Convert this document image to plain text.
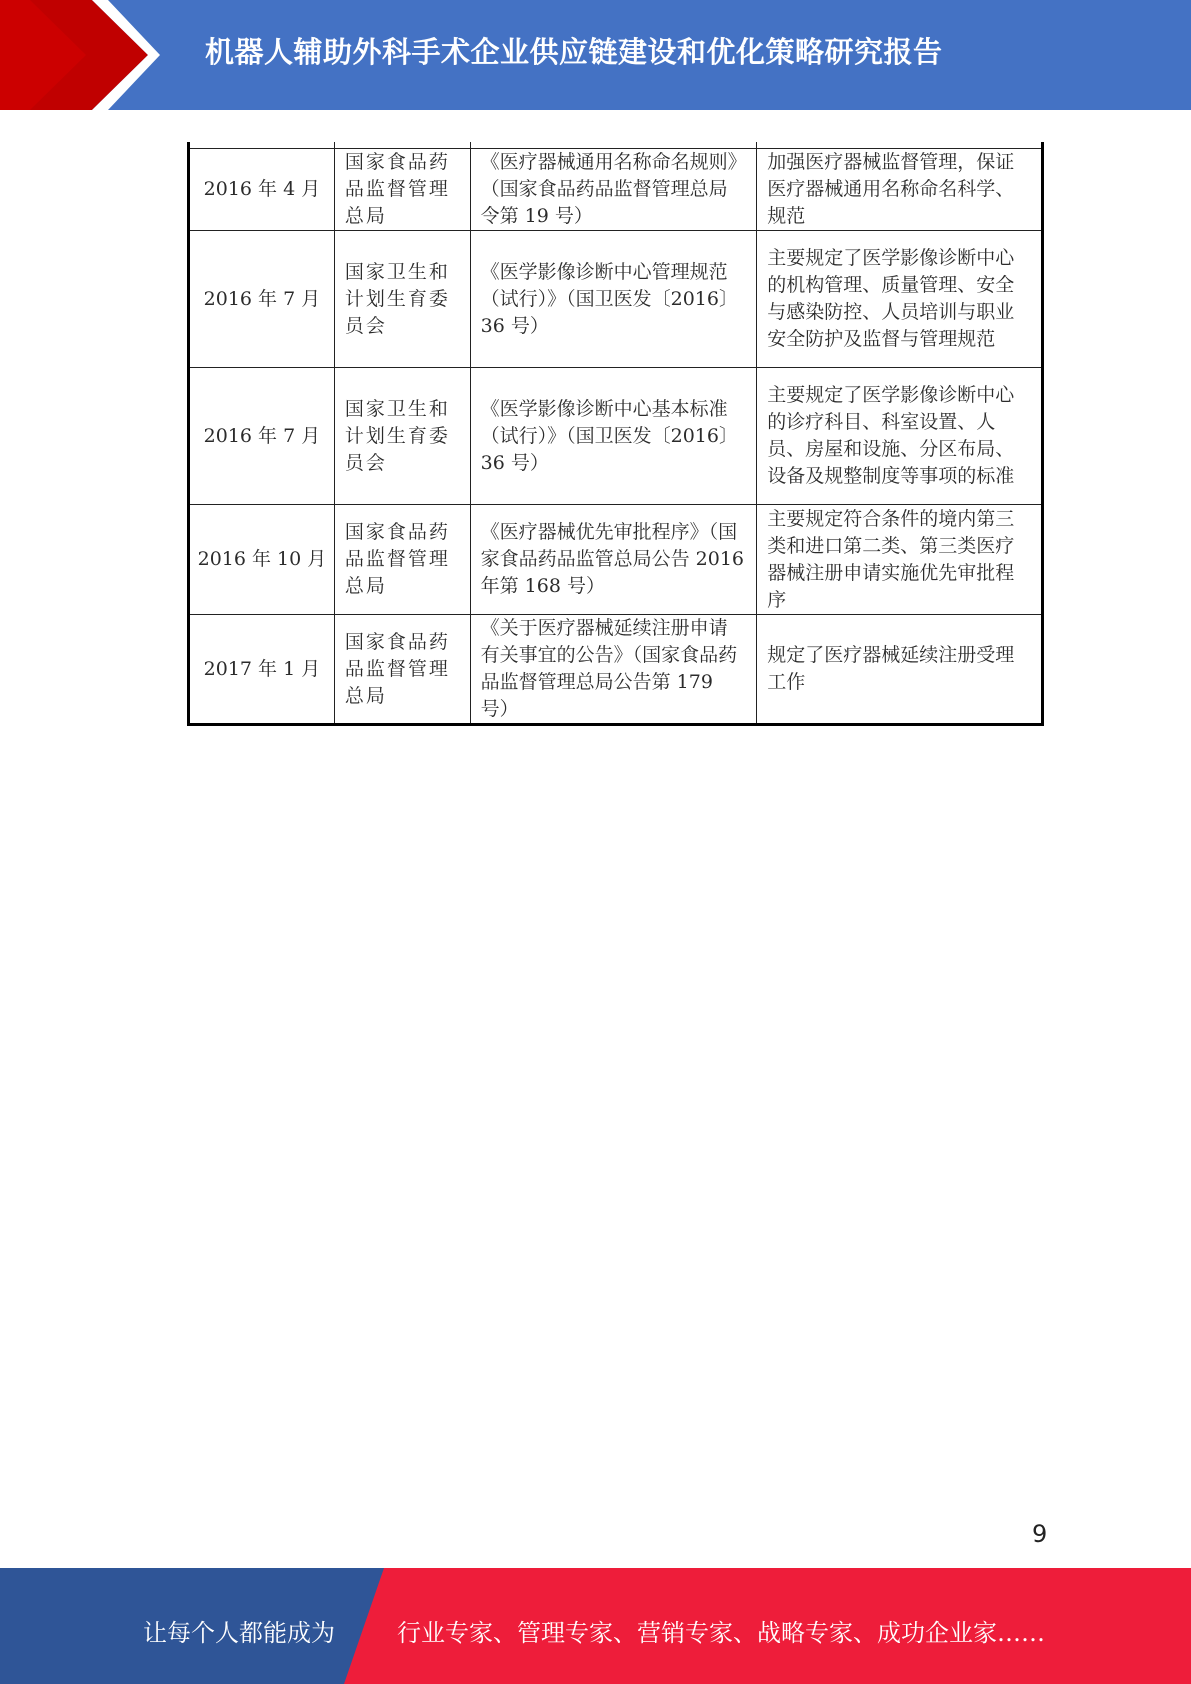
机器人辅助外科手术企业供应链建设和优化策略研究报告

2016 年 4 月	国家食品药品监督管理总局	《医疗器械通用名称命名规则》（国家食品药品监督管理总局令第 19 号）	加强医疗器械监督管理，保证医疗器械通用名称命名科学、规范
2016 年 7 月	国家卫生和计划生育委员会	《医学影像诊断中心管理规范（试行）》（国卫医发〔2016〕36 号）	主要规定了医学影像诊断中心的机构管理、质量管理、安全与感染防控、人员培训与职业安全防护及监督与管理规范
2016 年 7 月	国家卫生和计划生育委员会	《医学影像诊断中心基本标准（试行）》（国卫医发〔2016〕36 号）	主要规定了医学影像诊断中心的诊疗科目、科室设置、人员、房屋和设施、分区布局、设备及规整制度等事项的标准
2016 年 10 月	国家食品药品监督管理总局	《医疗器械优先审批程序》（国家食品药品监管总局公告 2016 年第 168 号）	主要规定符合条件的境内第三类和进口第二类、第三类医疗器械注册申请实施优先审批程序
2017 年 1 月	国家食品药品监督管理总局	《关于医疗器械延续注册申请有关事宜的公告》（国家食品药品监督管理总局公告第 179 号）	规定了医疗器械延续注册受理工作
9
让每个人都能成为	行业专家、管理专家、营销专家、战略专家、成功企业家……
